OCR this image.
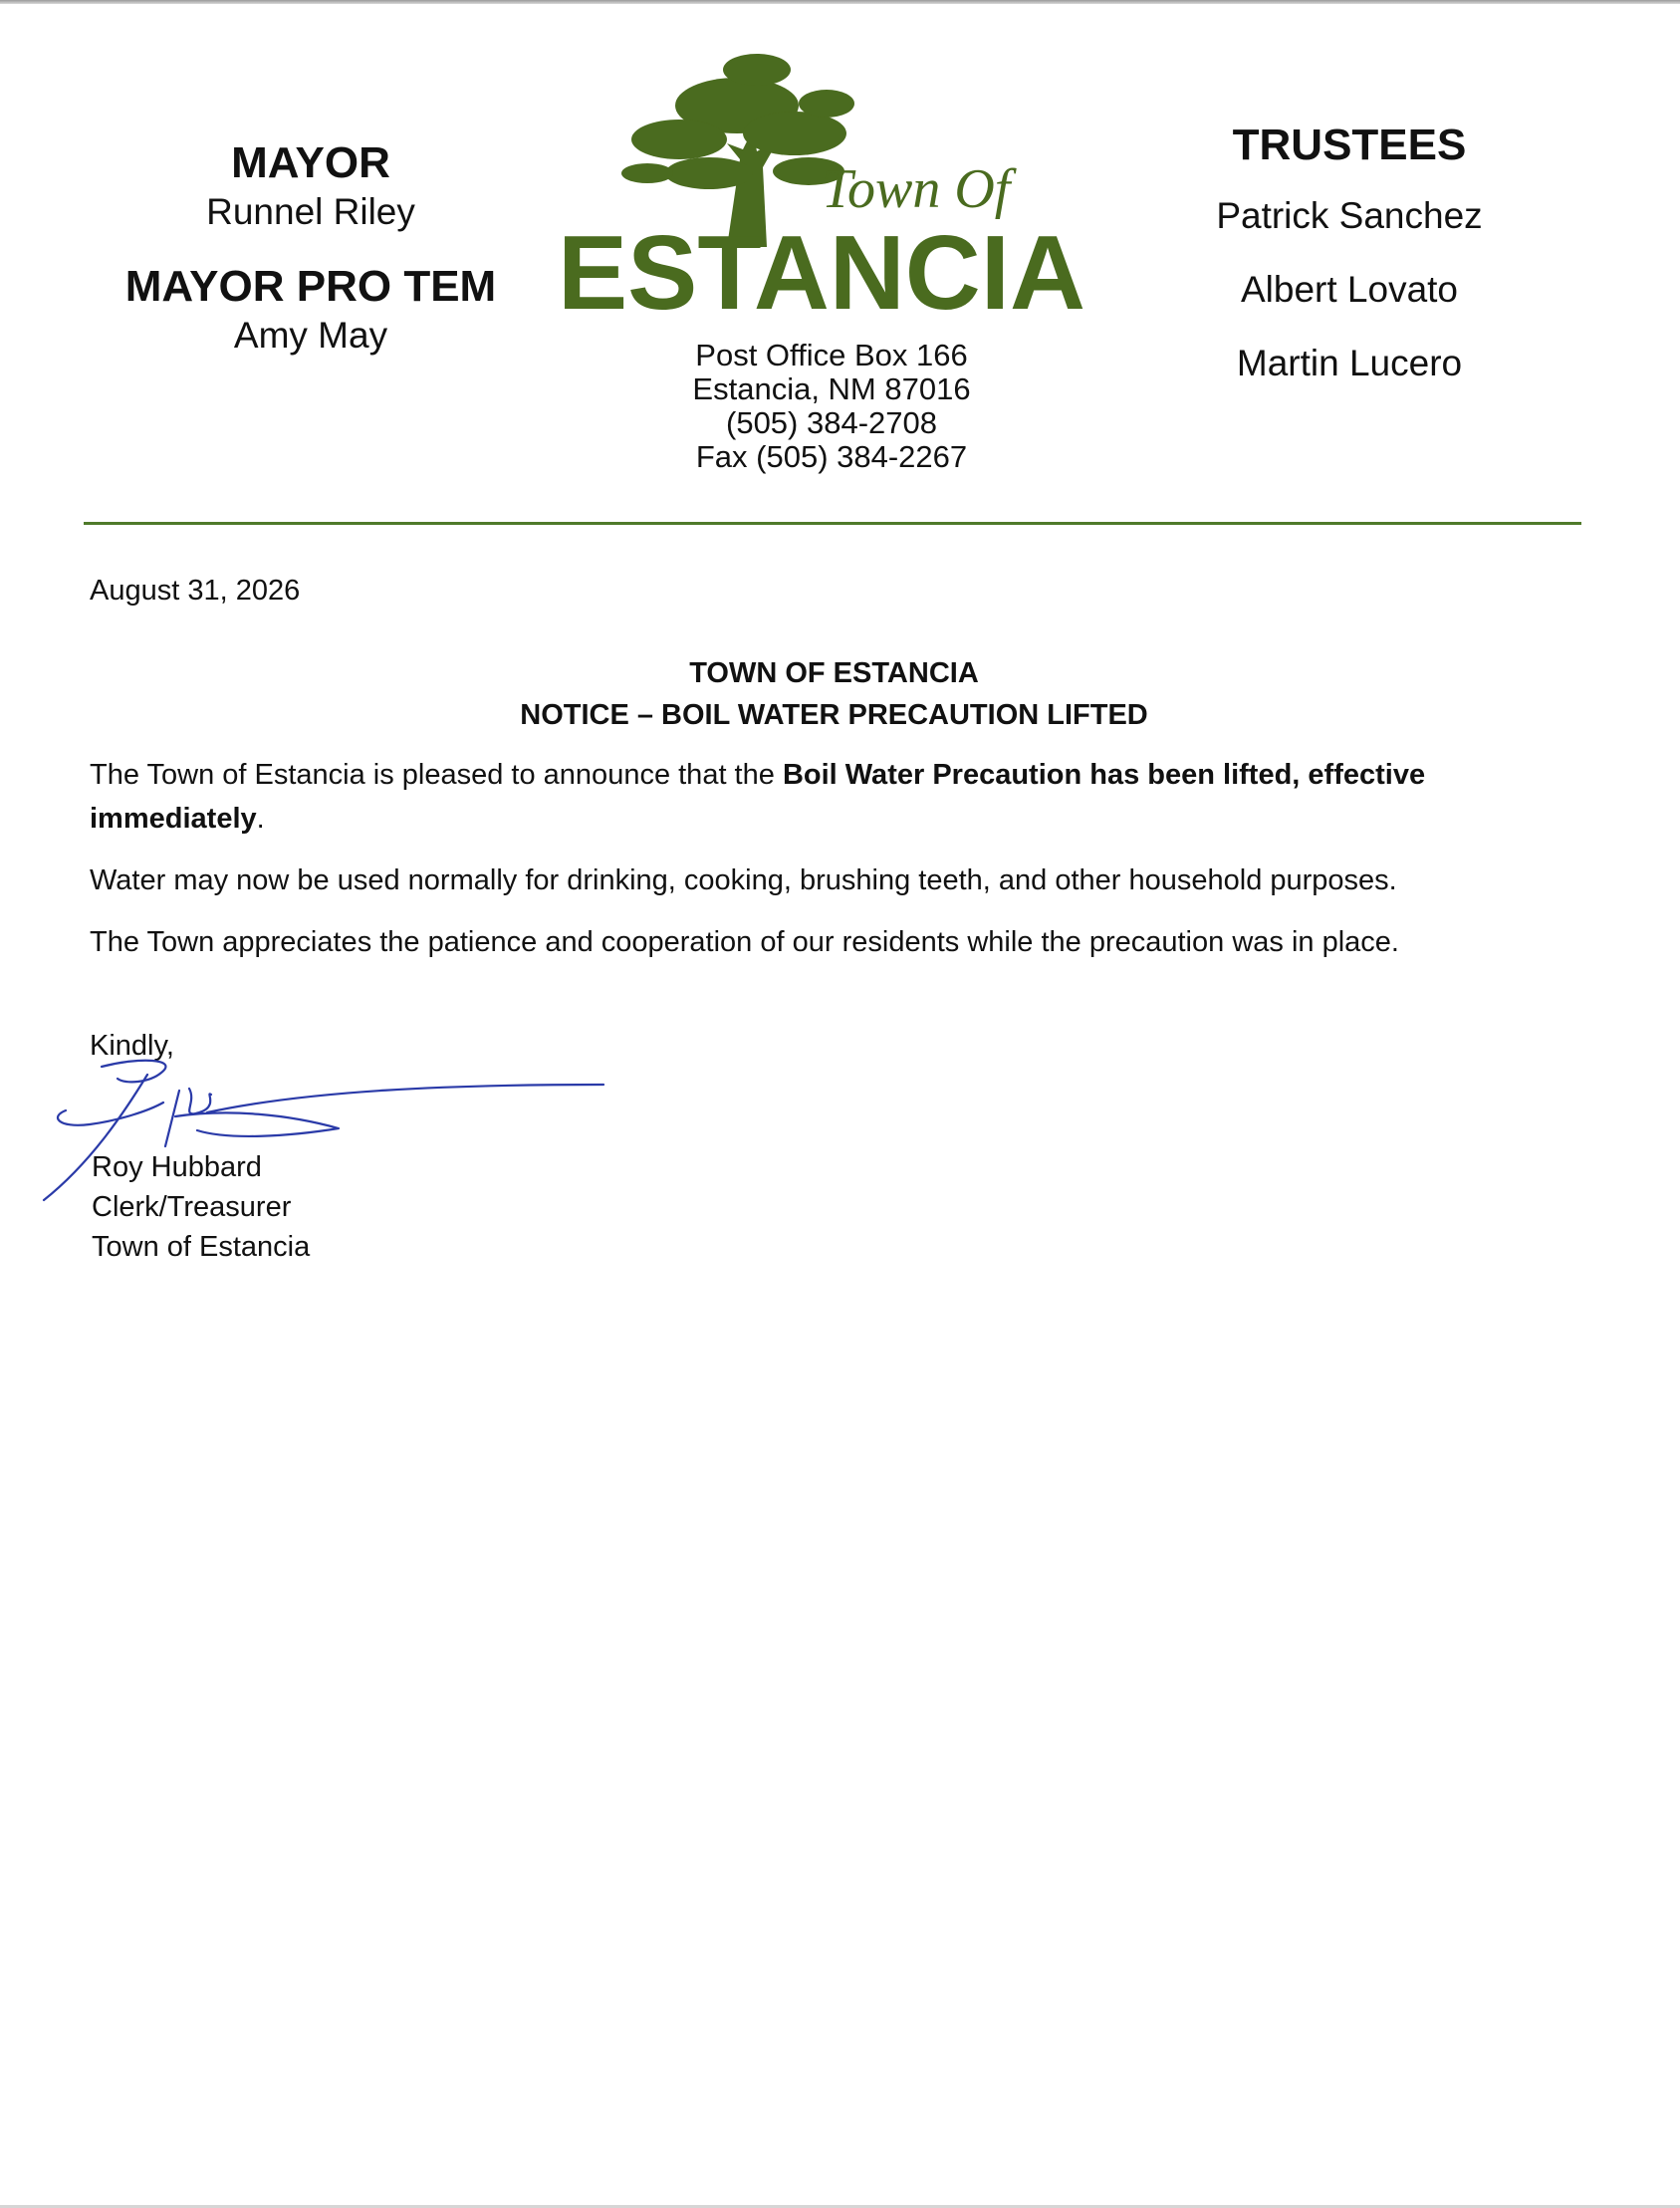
MAYOR
Runnel Riley
MAYOR PRO TEM
Amy May
Town Of
ESTANCIA
Post Office Box 166
Estancia, NM 87016
(505) 384-2708
Fax (505) 384-2267
TRUSTEES
Patrick Sanchez
Albert Lovato
Martin Lucero
August 31, 2026
TOWN OF ESTANCIA
NOTICE – BOIL WATER PRECAUTION LIFTED

The Town of Estancia is pleased to announce that the Boil Water Precaution has been lifted, effective immediately.

Water may now be used normally for drinking, cooking, brushing teeth, and other household purposes.

The Town appreciates the patience and cooperation of our residents while the precaution was in place.

Kindly,
Roy Hubbard
Clerk/Treasurer
Town of Estancia
